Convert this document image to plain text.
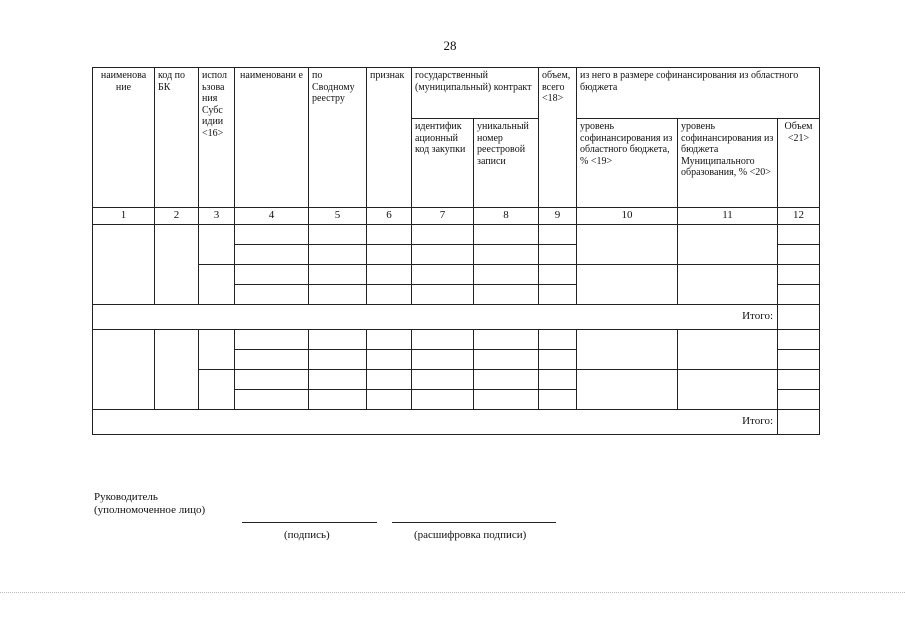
28
наименова ние	код по БК	испол ьзова ния Субс идии <16>	наименовани е	по Сводному реестру	признак	государственный (муниципальный) контракт		объем, всего <18>	из него в размере софинансирования из областного бюджета		
						идентифик ационный код закупки	уникальный номер реестровой записи		уровень софинансирования из областного бюджета, % <19>	уровень софинансирования из бюджета Муниципального образования, % <20>	Объем <21>
1	2	3	4	5	6	7	8	9	10	11	12

Итого:											

Итого:											
Руководитель
(уполномоченное лицо)
(подпись)	(расшифровка подписи)
